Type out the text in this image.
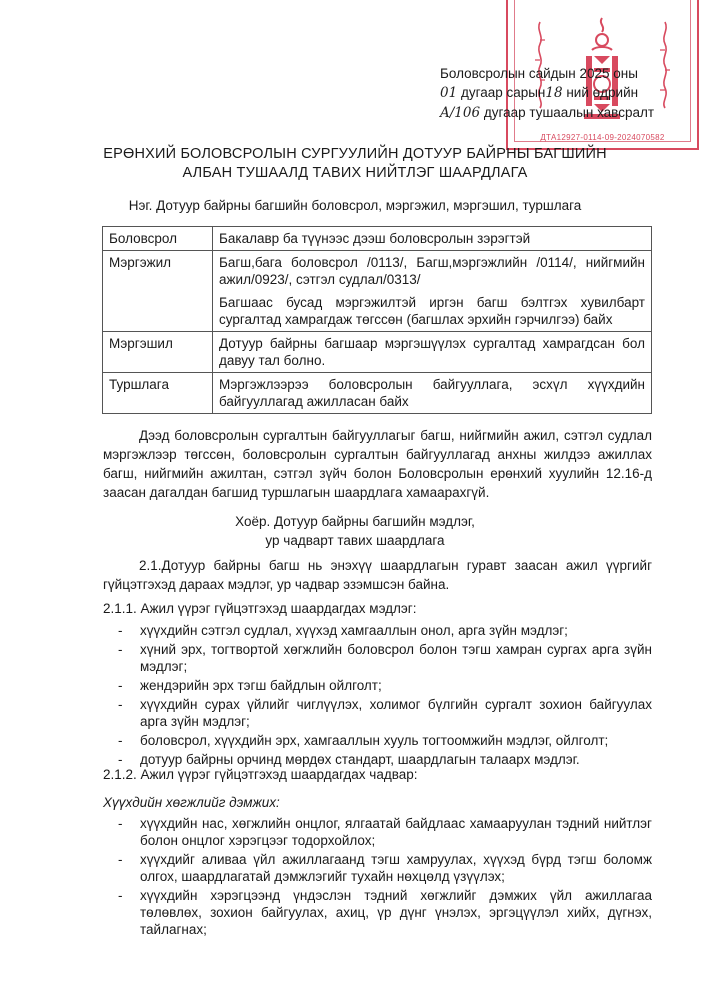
ДТА12927-0114-09-2024070582
Боловсролын сайдын 2025 оны
01 дугаар сарын18 ний өдрийн
A/106 дугаар тушаалын хавсралт
ЕРӨНХИЙ БОЛОВСРОЛЫН СУРГУУЛИЙН ДОТУУР БАЙРНЫ БАГШИЙН
АЛБАН ТУШААЛД ТАВИХ НИЙТЛЭГ ШААРДЛАГА
Нэг. Дотуур байрны багшийн боловсрол, мэргэжил, мэргэшил, туршлага
Боловсрол	Бакалавр ба түүнээс дээш боловсролын зэрэгтэй

Мэргэжил	Багш,бага боловсрол /0113/, Багш,мэргэжлийн /0114/, нийгмийн ажил/0923/, сэтгэл судлал/0313/

Багшаас бусад мэргэжилтэй иргэн багш бэлтгэх хувилбарт сургалтад хамрагдаж төгссөн (багшлах эрхийн гэрчилгээ) байх

Мэргэшил	Дотуур байрны багшаар мэргэшүүлэх сургалтад хамрагдсан бол давуу тал болно.

Туршлага	Мэргэжлээрээ боловсролын байгууллага, эсхүл хүүхдийн байгууллагад ажилласан байх

Дээд боловсролын сургалтын байгууллагыг багш, нийгмийн ажил, сэтгэл судлал мэргэжлээр төгссөн, боловсролын сургалтын байгууллагад анхны жилдээ ажиллах багш, нийгмийн ажилтан, сэтгэл зүйч болон Боловсролын ерөнхий хуулийн 12.16-д заасан дагалдан багшид туршлагын шаардлага хамаарахгүй.
Хоёр. Дотуур байрны багшийн мэдлэг,
ур чадварт тавих шаардлага
2.1.Дотуур байрны багш нь энэхүү шаардлагын гуравт заасан ажил үүргийг гүйцэтгэхэд дараах мэдлэг, ур чадвар эзэмшсэн байна.
2.1.1. Ажил үүрэг гүйцэтгэхэд шаардагдах мэдлэг:
- хүүхдийн сэтгэл судлал, хүүхэд хамгааллын онол, арга зүйн мэдлэг;
- хүний эрх, тогтвортой хөгжлийн боловсрол болон тэгш хамран сургах арга зүйн мэдлэг;
- жендэрийн эрх тэгш байдлын ойлголт;
- хүүхдийн сурах үйлийг чиглүүлэх, холимог бүлгийн сургалт зохион байгуулах арга зүйн мэдлэг;
- боловсрол, хүүхдийн эрх, хамгааллын хууль тогтоомжийн мэдлэг, ойлголт;
- дотуур байрны орчинд мөрдөх стандарт, шаардлагын талаарх мэдлэг.
2.1.2. Ажил үүрэг гүйцэтгэхэд шаардагдах чадвар:
Хүүхдийн хөгжлийг дэмжих:
- хүүхдийн нас, хөгжлийн онцлог, ялгаатай байдлаас хамааруулан тэдний нийтлэг болон онцлог хэрэгцээг тодорхойлох;
- хүүхдийг аливаа үйл ажиллагаанд тэгш хамруулах, хүүхэд бүрд тэгш боломж олгох, шаардлагатай дэмжлэгийг тухайн нөхцөлд үзүүлэх;
- хүүхдийн хэрэгцээнд үндэслэн тэдний хөгжлийг дэмжих үйл ажиллагаа төлөвлөх, зохион байгуулах, ахиц, үр дүнг үнэлэх, эргэцүүлэл хийх, дүгнэх, тайлагнах;
